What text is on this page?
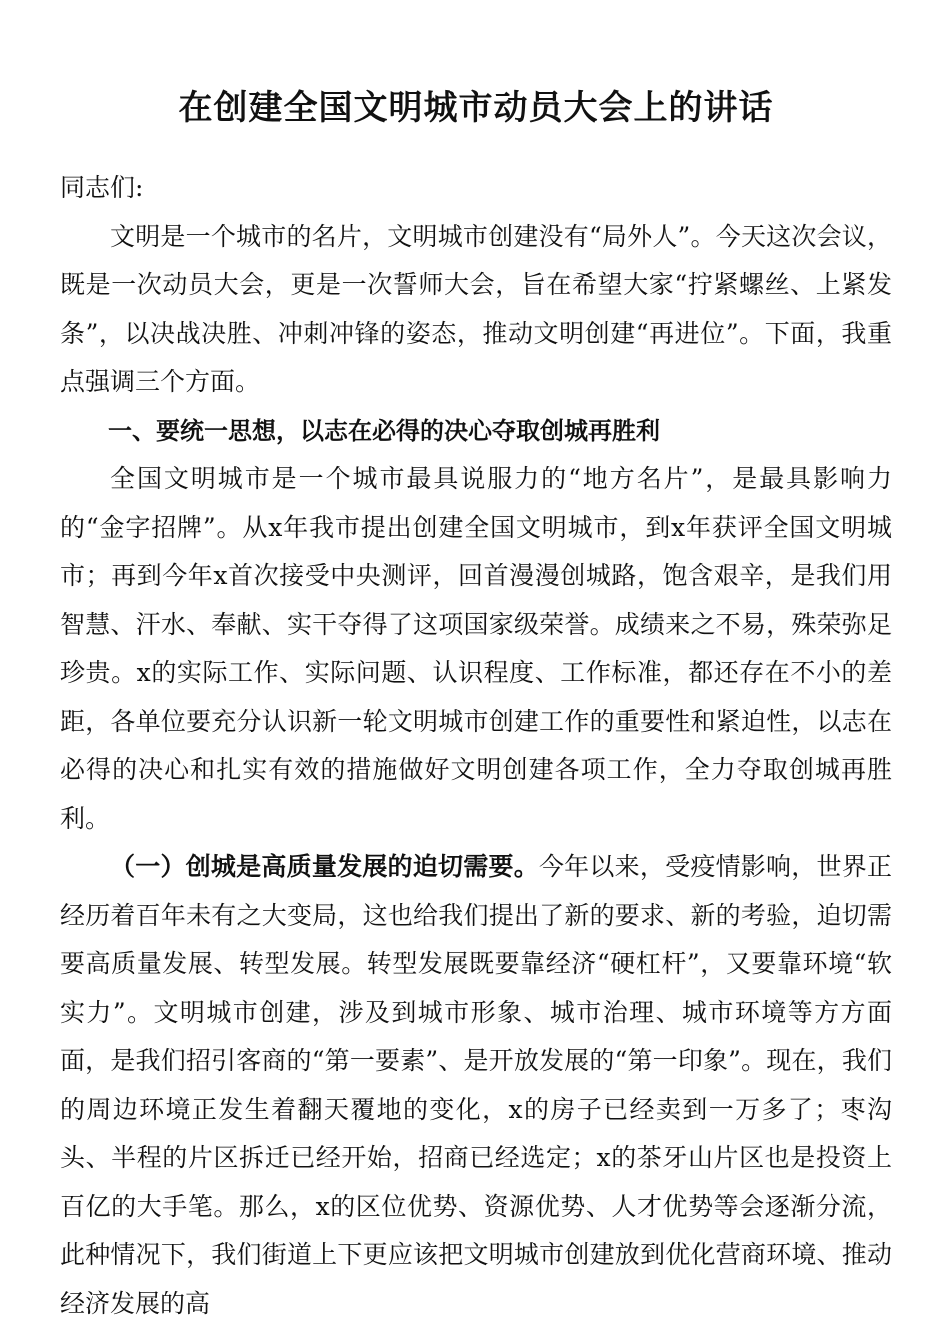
在创建全国文明城市动员大会上的讲话

同志们:

文明是一个城市的名片，文明城市创建没有“局外人”。今天这次会议，既是一次动员大会，更是一次誓师大会，旨在希望大家“拧紧螺丝、上紧发条”，以决战决胜、冲刺冲锋的姿态，推动文明创建“再进位”。下面，我重点强调三个方面。

一、要统一思想，以志在必得的决心夺取创城再胜利

全国文明城市是一个城市最具说服力的“地方名片”，是最具影响力的“金字招牌”。从x年我市提出创建全国文明城市，到x年获评全国文明城市；再到今年x首次接受中央测评，回首漫漫创城路，饱含艰辛，是我们用智慧、汗水、奉献、实干夺得了这项国家级荣誉。成绩来之不易，殊荣弥足珍贵。x的实际工作、实际问题、认识程度、工作标准，都还存在不小的差距，各单位要充分认识新一轮文明城市创建工作的重要性和紧迫性，以志在必得的决心和扎实有效的措施做好文明创建各项工作，全力夺取创城再胜利。

（一）创城是高质量发展的迫切需要。今年以来，受疫情影响，世界正经历着百年未有之大变局，这也给我们提出了新的要求、新的考验，迫切需要高质量发展、转型发展。转型发展既要靠经济“硬杠杆”，又要靠环境“软实力”。文明城市创建，涉及到城市形象、城市治理、城市环境等方方面面，是我们招引客商的“第一要素”、是开放发展的“第一印象”。现在，我们的周边环境正发生着翻天覆地的变化，x的房子已经卖到一万多了；枣沟头、半程的片区拆迁已经开始，招商已经选定；x的茶牙山片区也是投资上百亿的大手笔。那么，x的区位优势、资源优势、人才优势等会逐渐分流，此种情况下，我们街道上下更应该把文明城市创建放到优化营商环境、推动经济发展的高
